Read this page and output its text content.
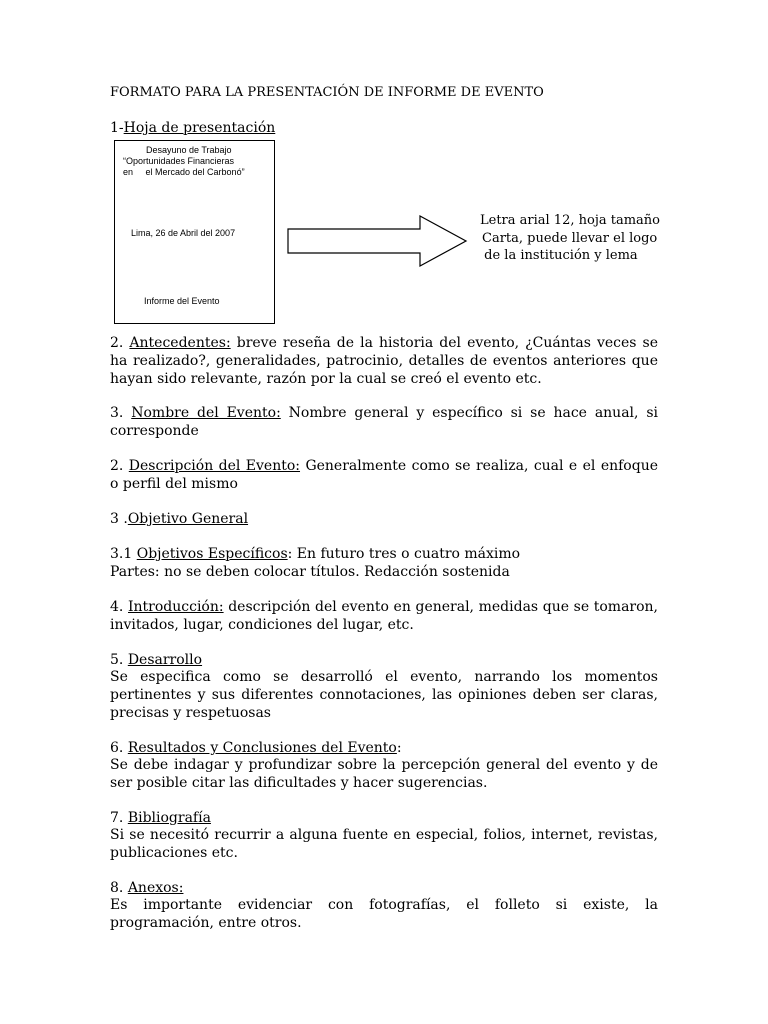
FORMATO PARA LA PRESENTACIÓN DE INFORME DE EVENTO
1-Hoja de presentación
Desayuno de Trabajo
“Oportunidades Financieras
en     el Mercado del Carbonó”
Lima, 26 de Abril del 2007
Informe del Evento
Letra arial 12, hoja tamaño
Carta, puede llevar el logo
de la institución y lema
2. Antecedentes: breve reseña de la historia del evento, ¿Cuántas veces se ha realizado?, generalidades, patrocinio, detalles de eventos anteriores que hayan sido relevante, razón por la cual se creó el evento etc.
3. Nombre del Evento: Nombre general y específico si se hace anual, si corresponde
2. Descripción del Evento: Generalmente como se realiza, cual e el enfoque o perfil del mismo
3 .Objetivo General
3.1 Objetivos Específicos: En futuro tres o cuatro máximo
Partes: no se deben colocar títulos. Redacción sostenida
4. Introducción: descripción del evento en general, medidas que se tomaron, invitados, lugar, condiciones del lugar, etc.
5. Desarrollo
Se especifica como se desarrolló el evento, narrando los momentos pertinentes y sus diferentes connotaciones, las opiniones deben ser claras, precisas y respetuosas
6. Resultados y Conclusiones del Evento:
Se debe indagar y profundizar sobre la percepción general del evento y de ser posible citar las dificultades y hacer sugerencias.
7. Bibliografía
Si se necesitó recurrir a alguna fuente en especial, folios, internet, revistas, publicaciones etc.
8. Anexos:
Es importante evidenciar con fotografías, el folleto si existe, la programación, entre otros.
